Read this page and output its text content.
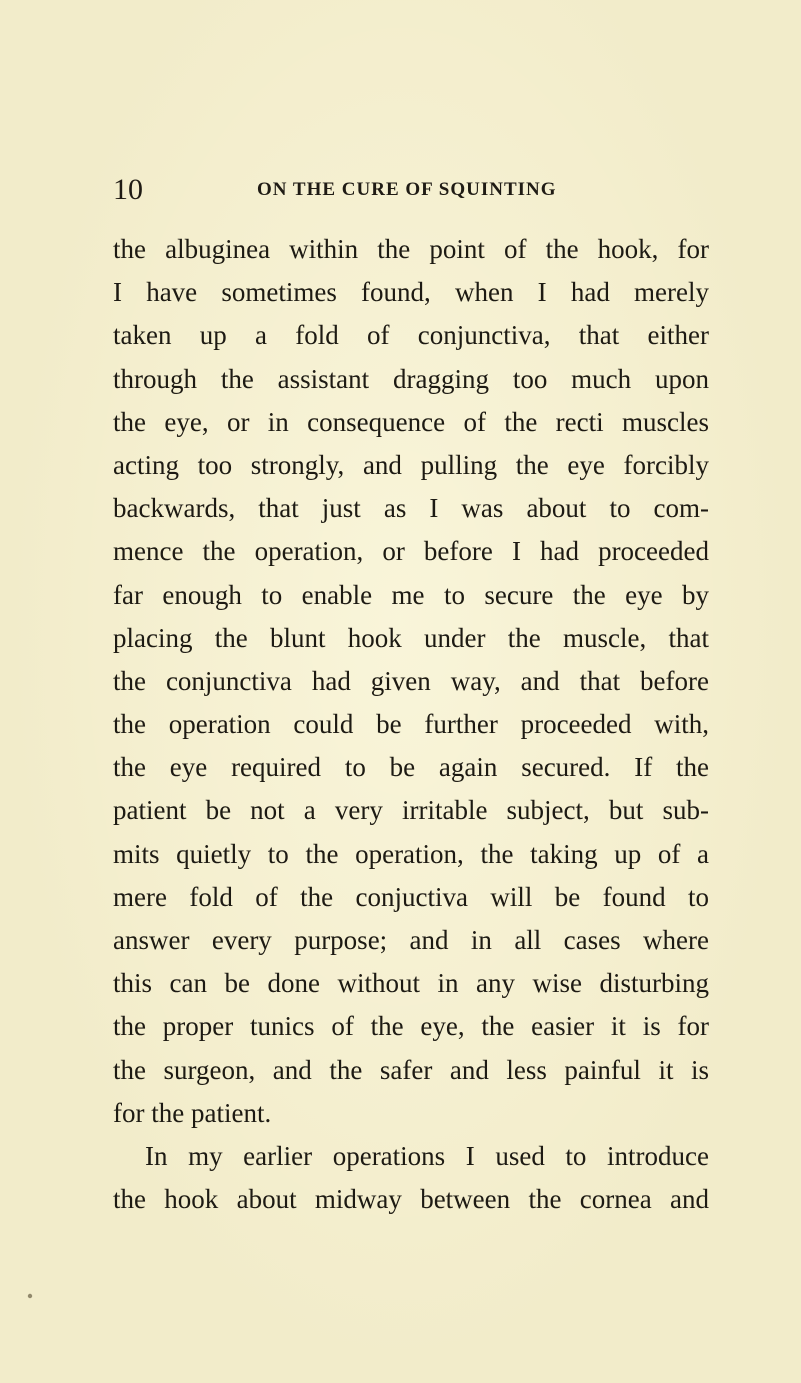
10	ON THE CURE OF SQUINTING
the albuginea within the point of the hook, for
I have sometimes found, when I had merely
taken up a fold of conjunctiva, that either
through the assistant dragging too much upon
the eye, or in consequence of the recti muscles
acting too strongly, and pulling the eye forcibly
backwards, that just as I was about to com-
mence the operation, or before I had proceeded
far enough to enable me to secure the eye by
placing the blunt hook under the muscle, that
the conjunctiva had given way, and that before
the operation could be further proceeded with,
the eye required to be again secured. If the
patient be not a very irritable subject, but sub-
mits quietly to the operation, the taking up of a
mere fold of the conjuctiva will be found to
answer every purpose; and in all cases where
this can be done without in any wise disturbing
the proper tunics of the eye, the easier it is for
the surgeon, and the safer and less painful it is
for the patient.
In my earlier operations I used to introduce
the hook about midway between the cornea and
